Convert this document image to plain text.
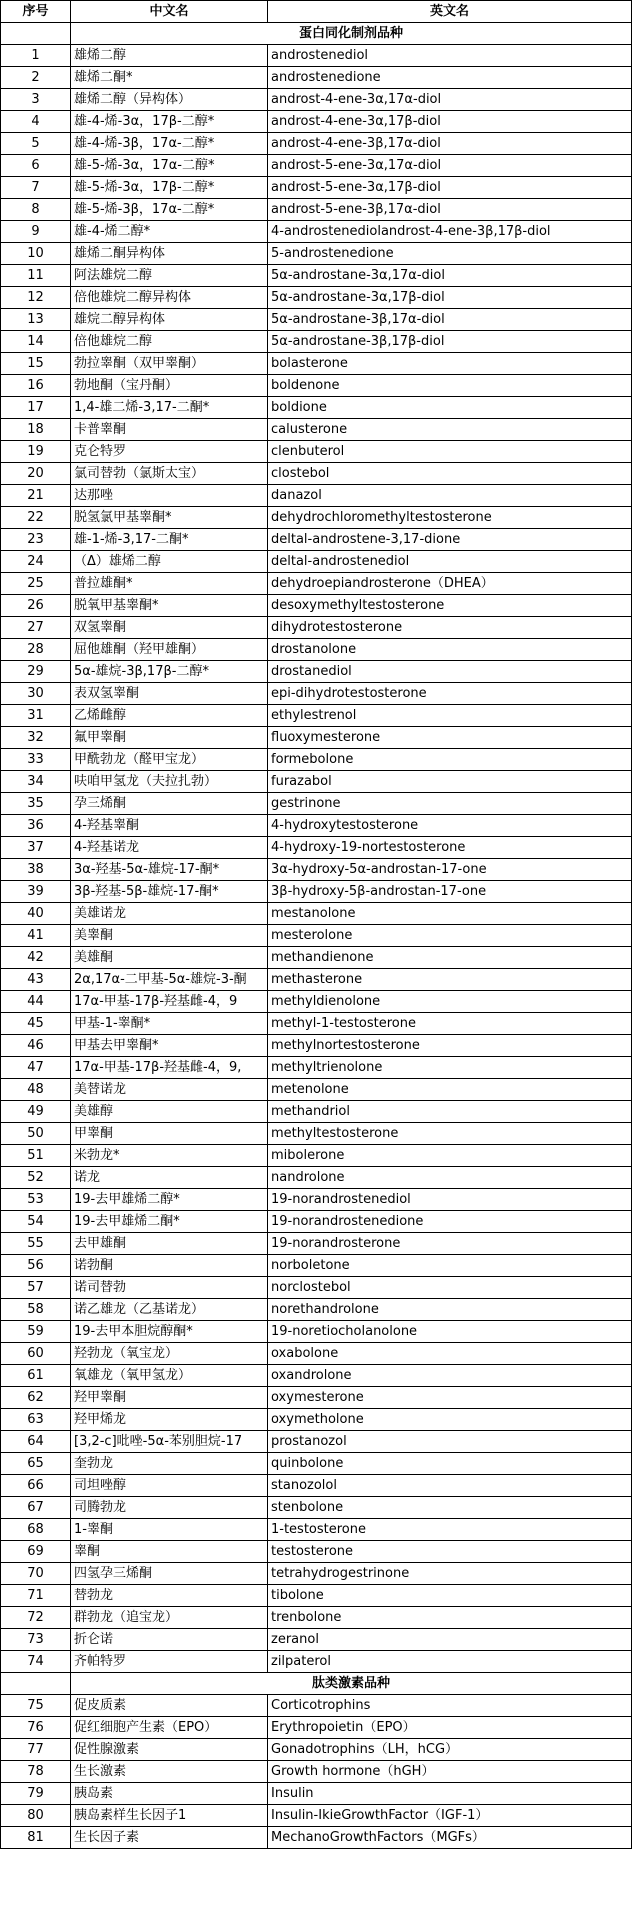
序号	中文名	英文名
	蛋白同化制剂品种	
1	雄烯二醇	androstenediol
2	雄烯二酮*	androstenedione
3	雄烯二醇（异构体）	androst-4-ene-3α,17α-diol
4	雄-4-烯-3α，17β-二醇*	androst-4-ene-3α,17β-diol
5	雄-4-烯-3β，17α-二醇*	androst-4-ene-3β,17α-diol
6	雄-5-烯-3α，17α-二醇*	androst-5-ene-3α,17α-diol
7	雄-5-烯-3α，17β-二醇*	androst-5-ene-3α,17β-diol
8	雄-5-烯-3β，17α-二醇*	androst-5-ene-3β,17α-diol
9	雄-4-烯二醇*	4-androstenediolandrost-4-ene-3β,17β-diol
10	雄烯二酮异构体	5-androstenedione
11	阿法雄烷二醇	5α-androstane-3α,17α-diol
12	倍他雄烷二醇异构体	5α-androstane-3α,17β-diol
13	雄烷二醇异构体	5α-androstane-3β,17α-diol
14	倍他雄烷二醇	5α-androstane-3β,17β-diol
15	勃拉睾酮（双甲睾酮）	bolasterone
16	勃地酮（宝丹酮）	boldenone
17	1,4-雄二烯-3,17-二酮*	boldione
18	卡普睾酮	calusterone
19	克仑特罗	clenbuterol
20	氯司替勃（氯斯太宝）	clostebol
21	达那唑	danazol
22	脱氢氯甲基睾酮*	dehydrochloromethyltestosterone
23	雄-1-烯-3,17-二酮*	deltal-androstene-3,17-dione
24	（Δ）雄烯二醇	deltal-androstenediol
25	普拉雄酮*	dehydroepiandrosterone（DHEA）
26	脱氧甲基睾酮*	desoxymethyltestosterone
27	双氢睾酮	dihydrotestosterone
28	屈他雄酮（羟甲雄酮）	drostanolone
29	5α-雄烷-3β,17β-二醇*	drostanediol
30	表双氢睾酮	epi-dihydrotestosterone
31	乙烯雌醇	ethylestrenol
32	氟甲睾酮	fluoxymesterone
33	甲酰勃龙（醛甲宝龙）	formebolone
34	呋咱甲氢龙（夫拉扎勃）	furazabol
35	孕三烯酮	gestrinone
36	4-羟基睾酮	4-hydroxytestosterone
37	4-羟基诺龙	4-hydroxy-19-nortestosterone
38	3α-羟基-5α-雄烷-17-酮*	3α-hydroxy-5α-androstan-17-one
39	3β-羟基-5β-雄烷-17-酮*	3β-hydroxy-5β-androstan-17-one
40	美雄诺龙	mestanolone
41	美睾酮	mesterolone
42	美雄酮	methandienone
43	2α,17α-二甲基-5α-雄烷-3-酮	methasterone
44	17α-甲基-17β-羟基雌-4，9	methyldienolone
45	甲基-1-睾酮*	methyl-1-testosterone
46	甲基去甲睾酮*	methylnortestosterone
47	17α-甲基-17β-羟基雌-4，9,	methyltrienolone
48	美替诺龙	metenolone
49	美雄醇	methandriol
50	甲睾酮	methyltestosterone
51	米勃龙*	mibolerone
52	诺龙	nandrolone
53	19-去甲雄烯二醇*	19-norandrostenediol
54	19-去甲雄烯二酮*	19-norandrostenedione
55	去甲雄酮	19-norandrosterone
56	诺勃酮	norboletone
57	诺司替勃	norclostebol
58	诺乙雄龙（乙基诺龙）	norethandrolone
59	19-去甲本胆烷醇酮*	19-noretiocholanolone
60	羟勃龙（氧宝龙）	oxabolone
61	氧雄龙（氧甲氢龙）	oxandrolone
62	羟甲睾酮	oxymesterone
63	羟甲烯龙	oxymetholone
64	[3,2-c]吡唑-5α-苯别胆烷-17	prostanozol
65	奎勃龙	quinbolone
66	司坦唑醇	stanozolol
67	司腾勃龙	stenbolone
68	1-睾酮	1-testosterone
69	睾酮	testosterone
70	四氢孕三烯酮	tetrahydrogestrinone
71	替勃龙	tibolone
72	群勃龙（追宝龙）	trenbolone
73	折仑诺	zeranol
74	齐帕特罗	zilpaterol
	肽类激素品种	
75	促皮质素	Corticotrophins
76	促红细胞产生素（EPO）	Erythropoietin（EPO）
77	促性腺激素	Gonadotrophins（LH，hCG）
78	生长激素	Growth hormone（hGH）
79	胰岛素	Insulin
80	胰岛素样生长因子1	Insulin-IkieGrowthFactor（IGF-1）
81	生长因子素	MechanoGrowthFactors（MGFs）
